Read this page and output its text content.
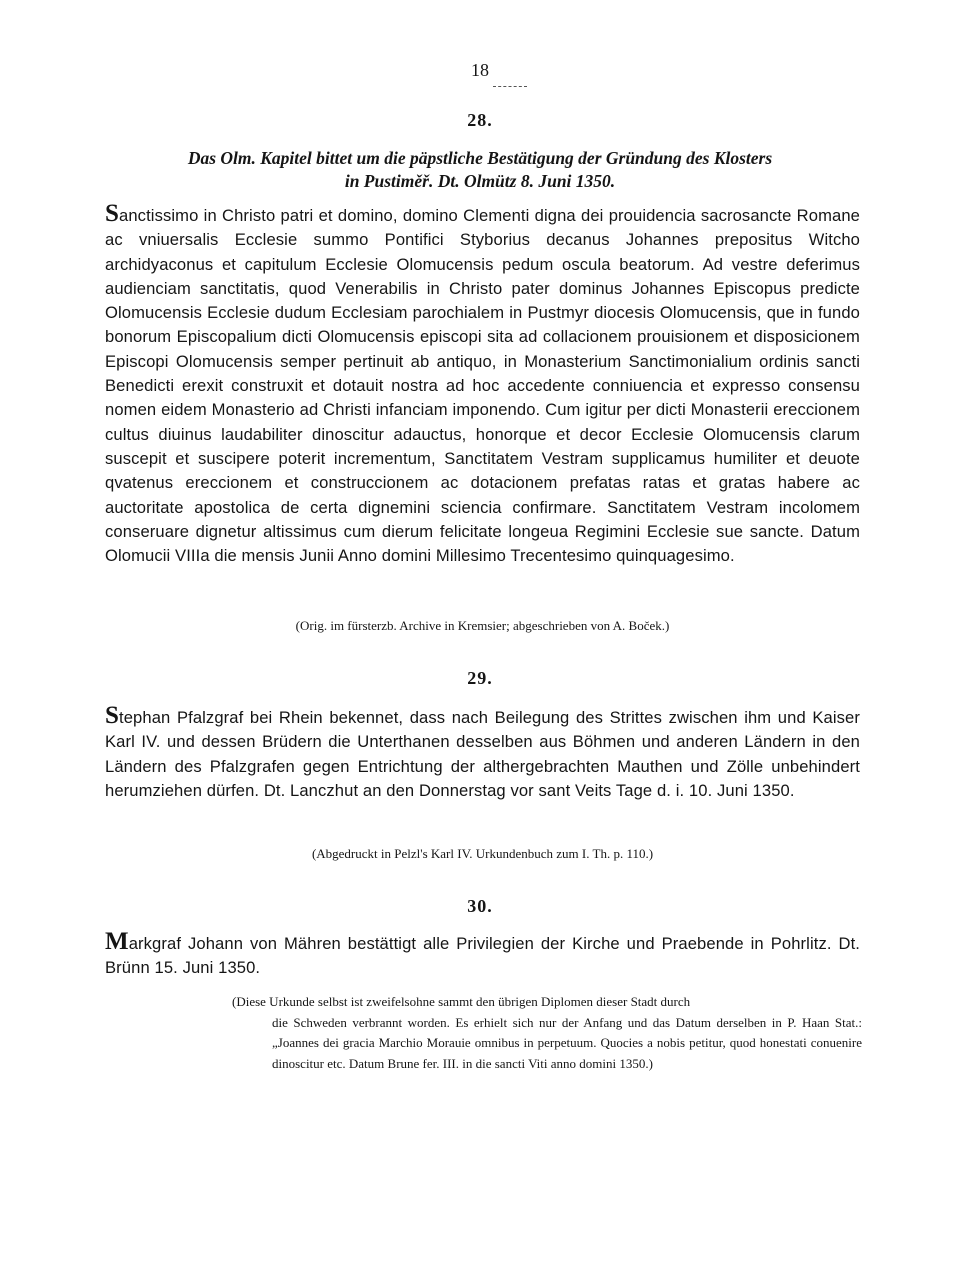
18
28.
Das Olm. Kapitel bittet um die päpstliche Bestätigung der Gründung des Klosters
in Pustiměř. Dt. Olmütz 8. Juni 1350.

Sanctissimo in Christo patri et domino, domino Clementi digna dei prouidencia sacrosancte Romane ac vniuersalis Ecclesie summo Pontifici Styborius decanus Johannes prepositus Witcho archidyaconus et capitulum Ecclesie Olomucensis pedum oscula beatorum. Ad vestre deferimus audienciam sanctitatis, quod Venerabilis in Christo pater dominus Johannes Episcopus predicte Olomucensis Ecclesie dudum Ecclesiam parochialem in Pustmyr diocesis Olomucensis, que in fundo bonorum Episcopalium dicti Olomucensis episcopi sita ad collacionem prouisionem et disposicionem Episcopi Olomucensis semper pertinuit ab antiquo, in Monasterium Sanctimonialium ordinis sancti Benedicti erexit construxit et dotauit nostra ad hoc accedente conniuencia et expresso consensu nomen eidem Monasterio ad Christi infanciam imponendo. Cum igitur per dicti Monasterii ereccionem cultus diuinus laudabiliter dinoscitur adauctus, honorque et decor Ecclesie Olomucensis clarum suscepit et suscipere poterit incrementum, Sanctitatem Vestram supplicamus humiliter et deuote qvatenus ereccionem et construccionem ac dotacionem prefatas ratas et gratas habere ac auctoritate apostolica de certa dignemini sciencia confirmare. Sanctitatem Vestram incolomem conseruare dignetur altissimus cum dierum felicitate longeua Regimini Ecclesie sue sancte. Datum Olomucii VIIIa die mensis Junii Anno domini Millesimo Trecentesimo quinquagesimo.

(Orig. im fürsterzb. Archive in Kremsier; abgeschrieben von A. Boček.)
29.

Stephan Pfalzgraf bei Rhein bekennet, dass nach Beilegung des Strittes zwischen ihm und Kaiser Karl IV. und dessen Brüdern die Unterthanen desselben aus Böhmen und anderen Ländern in den Ländern des Pfalzgrafen gegen Entrichtung der althergebrachten Mauthen und Zölle unbehindert herumziehen dürfen. Dt. Lanczhut an den Donnerstag vor sant Veits Tage d. i. 10. Juni 1350.

(Abgedruckt in Pelzl's Karl IV. Urkundenbuch zum I. Th. p. 110.)
30.

Markgraf Johann von Mähren bestättigt alle Privilegien der Kirche und Praebende in Pohrlitz. Dt. Brünn 15. Juni 1350.

(Diese Urkunde selbst ist zweifelsohne sammt den übrigen Diplomen dieser Stadt durch
die Schweden verbrannt worden. Es erhielt sich nur der Anfang und das Datum derselben in P. Haan Stat.: „Joannes dei gracia Marchio Morauie omnibus in perpetuum. Quocies a nobis petitur, quod honestati conuenire dinoscitur etc. Datum Brune fer. III. in die sancti Viti anno domini 1350.)
